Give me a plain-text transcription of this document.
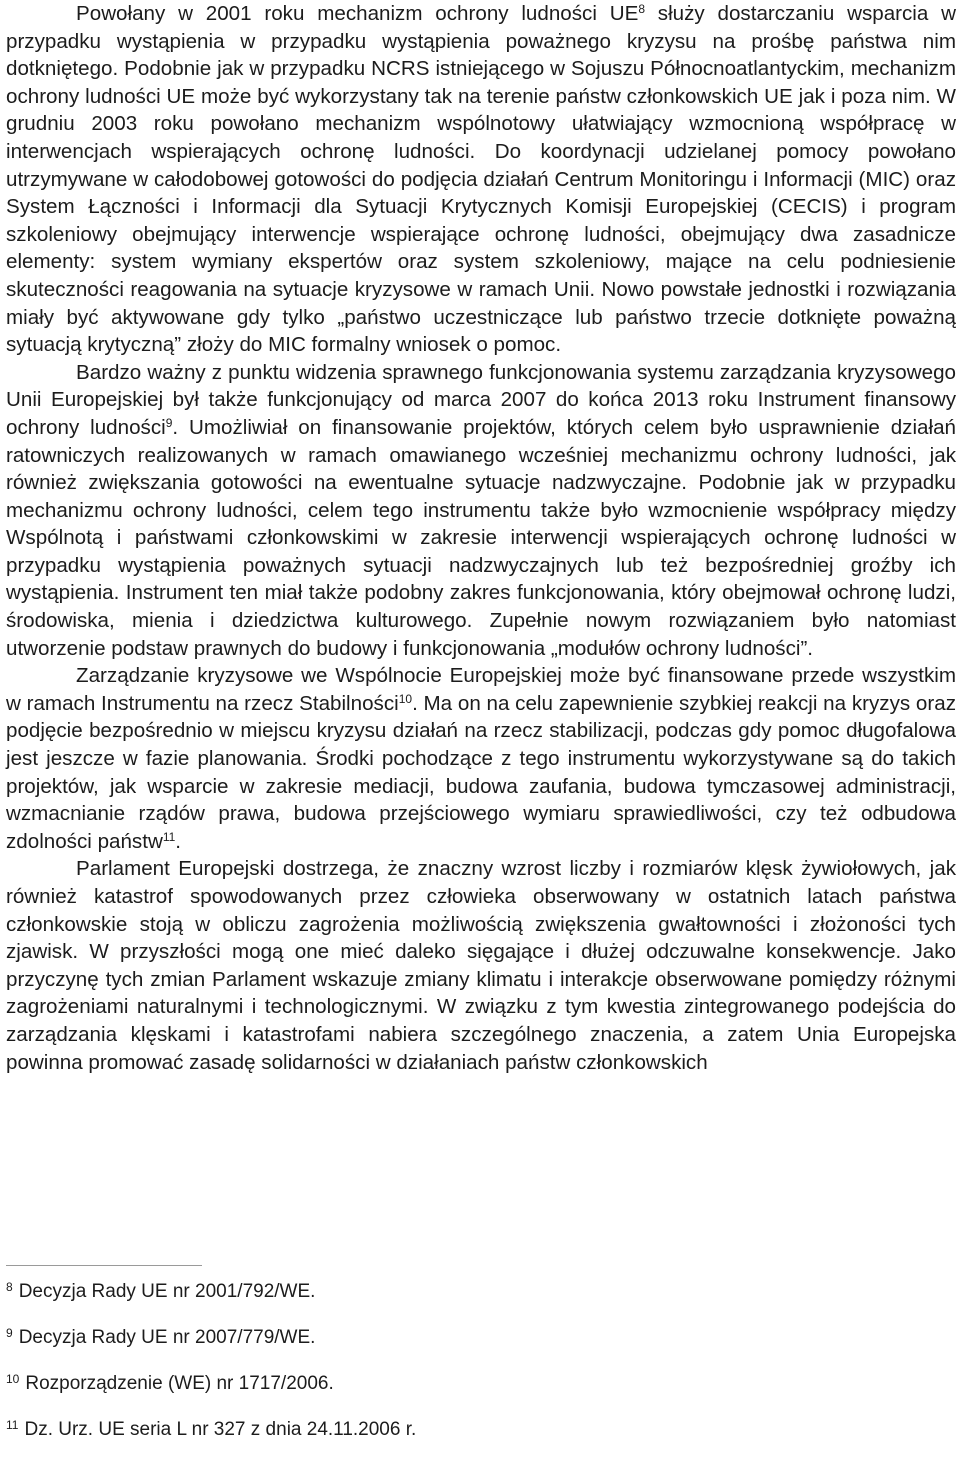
Powołany w 2001 roku mechanizm ochrony ludności $UE^8$ służy dostarczaniu wsparcia w przypadku wystąpienia w przypadku wystąpienia poważnego kryzysu na prośbę państwa nim dotkniętego. Podobnie jak w przypadku NCRS istniejącego w Sojuszu Północnoatlantyckim, mechanizm ochrony ludności UE może być wykorzystany tak na terenie państw członkowskich UE jak i poza nim. W grudniu 2003 roku powołano mechanizm wspólnotowy ułatwiający wzmocnioną współpracę w interwencjach wspierających ochronę ludności. Do koordynacji udzielanej pomocy powołano utrzymywane w całodobowej gotowości do podjęcia działań Centrum Monitoringu i Informacji (MIC) oraz System Łączności i Informacji dla Sytuacji Krytycznych Komisji Europejskiej (CECIS) i program szkoleniowy obejmujący interwencje wspierające ochronę ludności, obejmujący dwa zasadnicze elementy: system wymiany ekspertów oraz system szkoleniowy, mające na celu podniesienie skuteczności reagowania na sytuacje kryzysowe w ramach Unii. Nowo powstałe jednostki i rozwiązania miały być aktywowane gdy tylko „państwo uczestniczące lub państwo trzecie dotknięte poważną sytuacją krytyczną” złoży do MIC formalny wniosek o pomoc.

Bardzo ważny z punktu widzenia sprawnego funkcjonowania systemu zarządzania kryzysowego Unii Europejskiej był także funkcjonujący od marca 2007 do końca 2013 roku Instrument finansowy ochrony ludności$^9$. Umożliwiał on finansowanie projektów, których celem było usprawnienie działań ratowniczych realizowanych w ramach omawianego wcześniej mechanizmu ochrony ludności, jak również zwiększania gotowości na ewentualne sytuacje nadzwyczajne. Podobnie jak w przypadku mechanizmu ochrony ludności, celem tego instrumentu także było wzmocnienie współpracy między Wspólnotą i państwami członkowskimi w zakresie interwencji wspierających ochronę ludności w przypadku wystąpienia poważnych sytuacji nadzwyczajnych lub też bezpośredniej groźby ich wystąpienia. Instrument ten miał także podobny zakres funkcjonowania, który obejmował ochronę ludzi, środowiska, mienia i dziedzictwa kulturowego. Zupełnie nowym rozwiązaniem było natomiast utworzenie podstaw prawnych do budowy i funkcjonowania „modułów ochrony ludności”.

Zarządzanie kryzysowe we Wspólnocie Europejskiej może być finansowane przede wszystkim w ramach Instrumentu na rzecz Stabilności$^{10}$. Ma on na celu zapewnienie szybkiej reakcji na kryzys oraz podjęcie bezpośrednio w miejscu kryzysu działań na rzecz stabilizacji, podczas gdy pomoc długofalowa jest jeszcze w fazie planowania. Środki pochodzące z tego instrumentu wykorzystywane są do takich projektów, jak wsparcie w zakresie mediacji, budowa zaufania, budowa tymczasowej administracji, wzmacnianie rządów prawa, budowa przejściowego wymiaru sprawiedliwości, czy też odbudowa zdolności państw$^{11}$.

Parlament Europejski dostrzega, że znaczny wzrost liczby i rozmiarów klęsk żywiołowych, jak również katastrof spowodowanych przez człowieka obserwowany w ostatnich latach państwa członkowskie stoją w obliczu zagrożenia możliwością zwiększenia gwałtowności i złożoności tych zjawisk. W przyszłości mogą one mieć daleko sięgające i dłużej odczuwalne konsekwencje. Jako przyczynę tych zmian Parlament wskazuje zmiany klimatu i interakcje obserwowane pomiędzy różnymi zagrożeniami naturalnymi i technologicznymi. W związku z tym kwestia zintegrowanego podejścia do zarządzania klęskami i katastrofami nabiera szczególnego znaczenia, a zatem Unia Europejska powinna promować zasadę solidarności w działaniach państw członkowskich

$^8$ Decyzja Rady UE nr 2001/792/WE.

$^9$ Decyzja Rady UE nr 2007/779/WE.

$^{10}$ Rozporządzenie (WE) nr 1717/2006.

$^{11}$ Dz. Urz. UE seria L nr 327 z dnia 24.11.2006 r.
